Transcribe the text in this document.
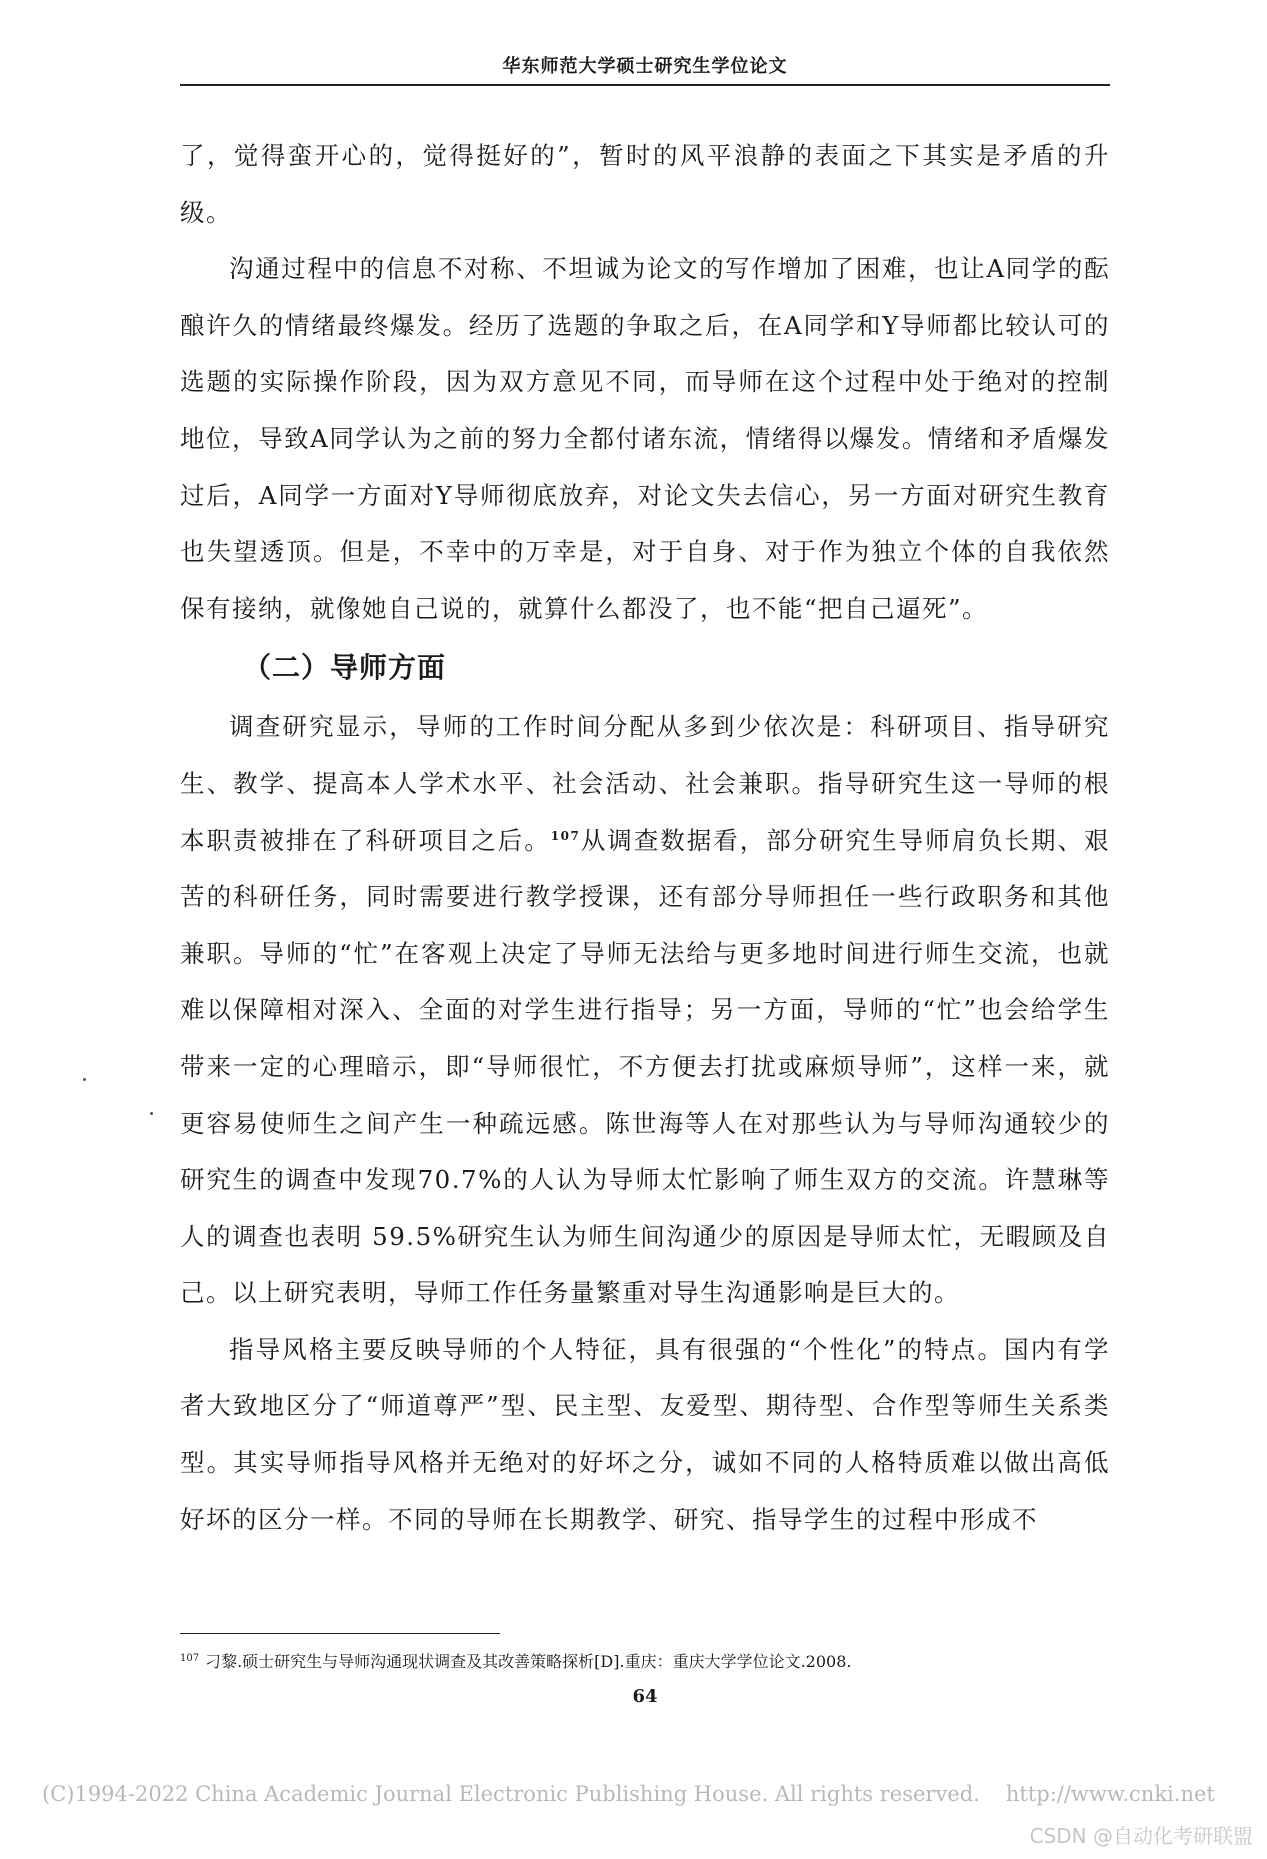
华东师范大学硕士研究生学位论文

了，觉得蛮开心的，觉得挺好的”，暂时的风平浪静的表面之下其实是矛盾的升级。

沟通过程中的信息不对称、不坦诚为论文的写作增加了困难，也让A同学的酝酿许久的情绪最终爆发。经历了选题的争取之后，在A同学和Y导师都比较认可的选题的实际操作阶段，因为双方意见不同，而导师在这个过程中处于绝对的控制地位，导致A同学认为之前的努力全都付诸东流，情绪得以爆发。情绪和矛盾爆发过后，A同学一方面对Y导师彻底放弃，对论文失去信心，另一方面对研究生教育也失望透顶。但是，不幸中的万幸是，对于自身、对于作为独立个体的自我依然保有接纳，就像她自己说的，就算什么都没了，也不能“把自己逼死”。

（二）导师方面

调查研究显示，导师的工作时间分配从多到少依次是：科研项目、指导研究生、教学、提高本人学术水平、社会活动、社会兼职。指导研究生这一导师的根本职责被排在了科研项目之后。$^{107}$从调查数据看，部分研究生导师肩负长期、艰苦的科研任务，同时需要进行教学授课，还有部分导师担任一些行政职务和其他兼职。导师的“忙”在客观上决定了导师无法给与更多地时间进行师生交流，也就难以保障相对深入、全面的对学生进行指导；另一方面，导师的“忙”也会给学生带来一定的心理暗示，即“导师很忙，不方便去打扰或麻烦导师”，这样一来，就更容易使师生之间产生一种疏远感。陈世海等人在对那些认为与导师沟通较少的研究生的调查中发现70.7%的人认为导师太忙影响了师生双方的交流。许慧琳等人的调查也表明 59.5%研究生认为师生间沟通少的原因是导师太忙，无暇顾及自己。以上研究表明，导师工作任务量繁重对导生沟通影响是巨大的。

指导风格主要反映导师的个人特征，具有很强的“个性化”的特点。国内有学者大致地区分了“师道尊严”型、民主型、友爱型、期待型、合作型等师生关系类型。其实导师指导风格并无绝对的好坏之分，诚如不同的人格特质难以做出高低好坏的区分一样。不同的导师在长期教学、研究、指导学生的过程中形成不

$^{107}$ 刁黎.硕士研究生与导师沟通现状调查及其改善策略探析[D].重庆：重庆大学学位论文.2008.
64
(C)1994-2022 China Academic Journal Electronic Publishing House. All rights reserved. http://www.cnki.net
CSDN @自动化考研联盟
